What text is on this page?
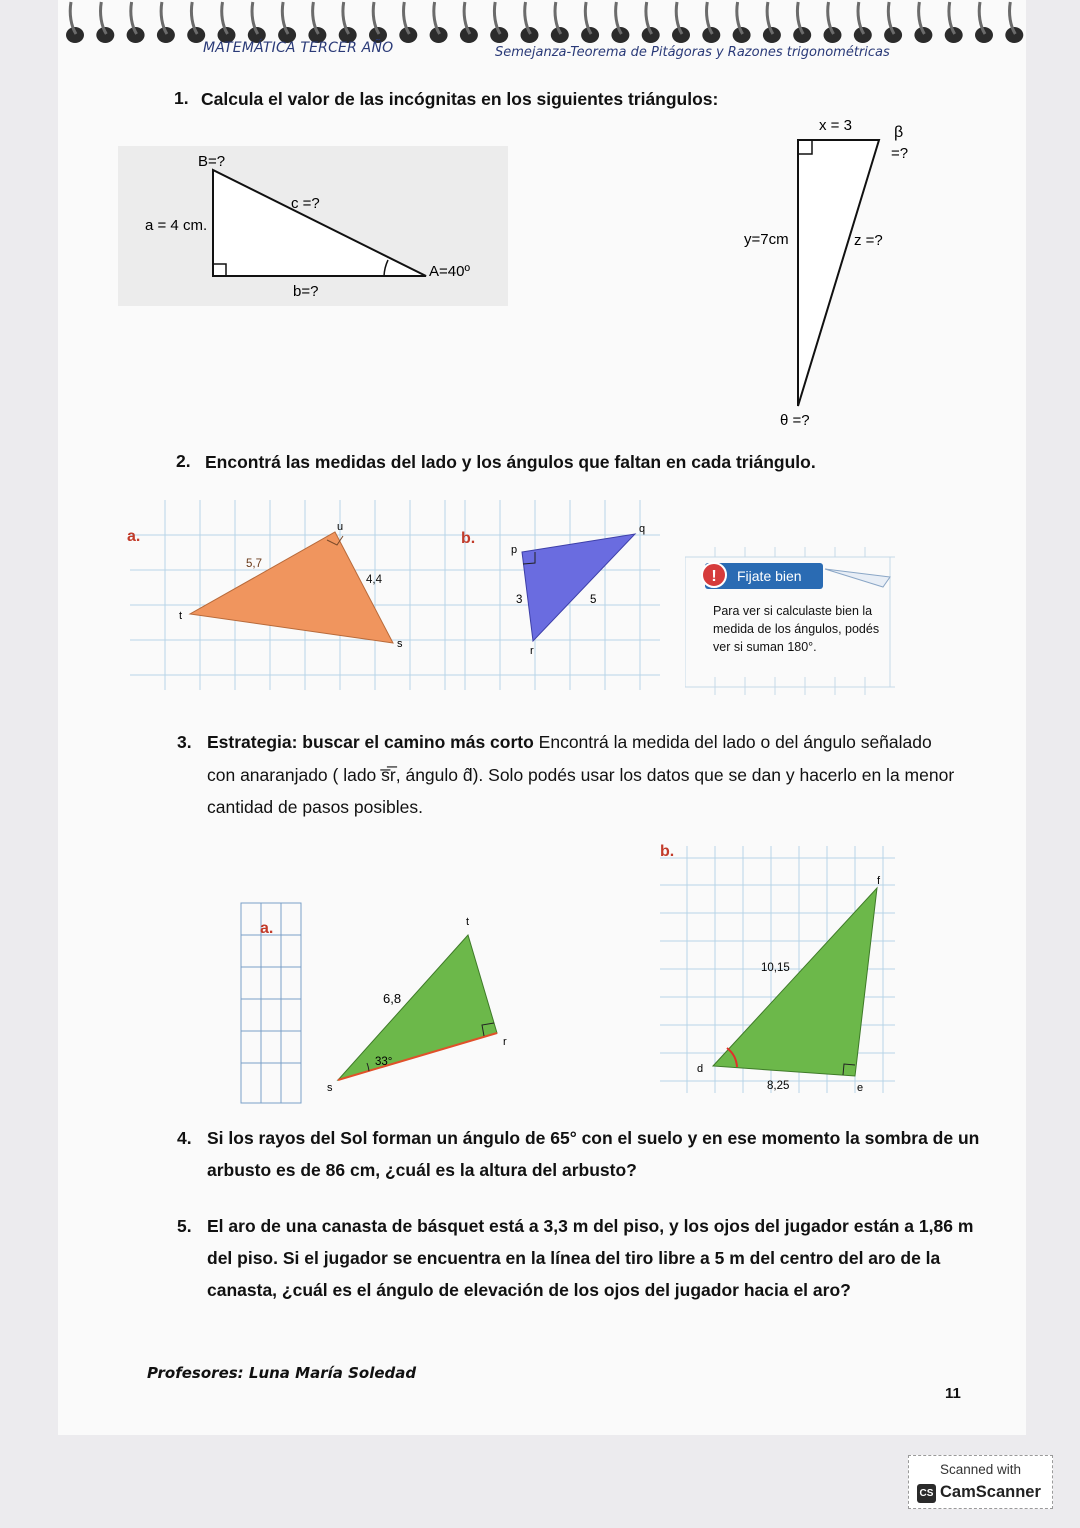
MATEMÁTICA TERCER AÑO	Semejanza-Teorema de Pitágoras y Razones trigonométricas
1. Calcula el valor de las incógnitas en los siguientes triángulos:
B=?
c =?
a = 4 cm.
A=40º
b=?
x = 3	β
=?
y=7cm	z =?
θ =?
2. Encontrá las medidas del lado y los ángulos que faltan en cada triángulo.
a.
u
t
s
5,7
4,4
b.
p
q
r
3	5
Fijate bien
!
Para ver si calculaste bien la medida de los ángulos, podés ver si suman 180°.
3. Estrategia: buscar el camino más corto Encontrá la medida del lado o del ángulo señalado
con anaranjado ( lado s̅r̅, ángulo d̂). Solo podés usar los datos que se dan y hacerlo en la menor
cantidad de pasos posibles.
a.	t
s
r
6,8
33°
b.
f
d
e
10,15
8,25
4. Si los rayos del Sol forman un ángulo de 65° con el suelo y en ese momento la sombra de un
arbusto es de 86 cm, ¿cuál es la altura del arbusto?
5. El aro de una canasta de básquet está a 3,3 m del piso, y los ojos del jugador están a 1,86 m
del piso. Si el jugador se encuentra en la línea del tiro libre a 5 m del centro del aro de la
canasta, ¿cuál es el ángulo de elevación de los ojos del jugador hacia el aro?
Profesores: Luna María Soledad
11
Scanned with
CS CamScanner
